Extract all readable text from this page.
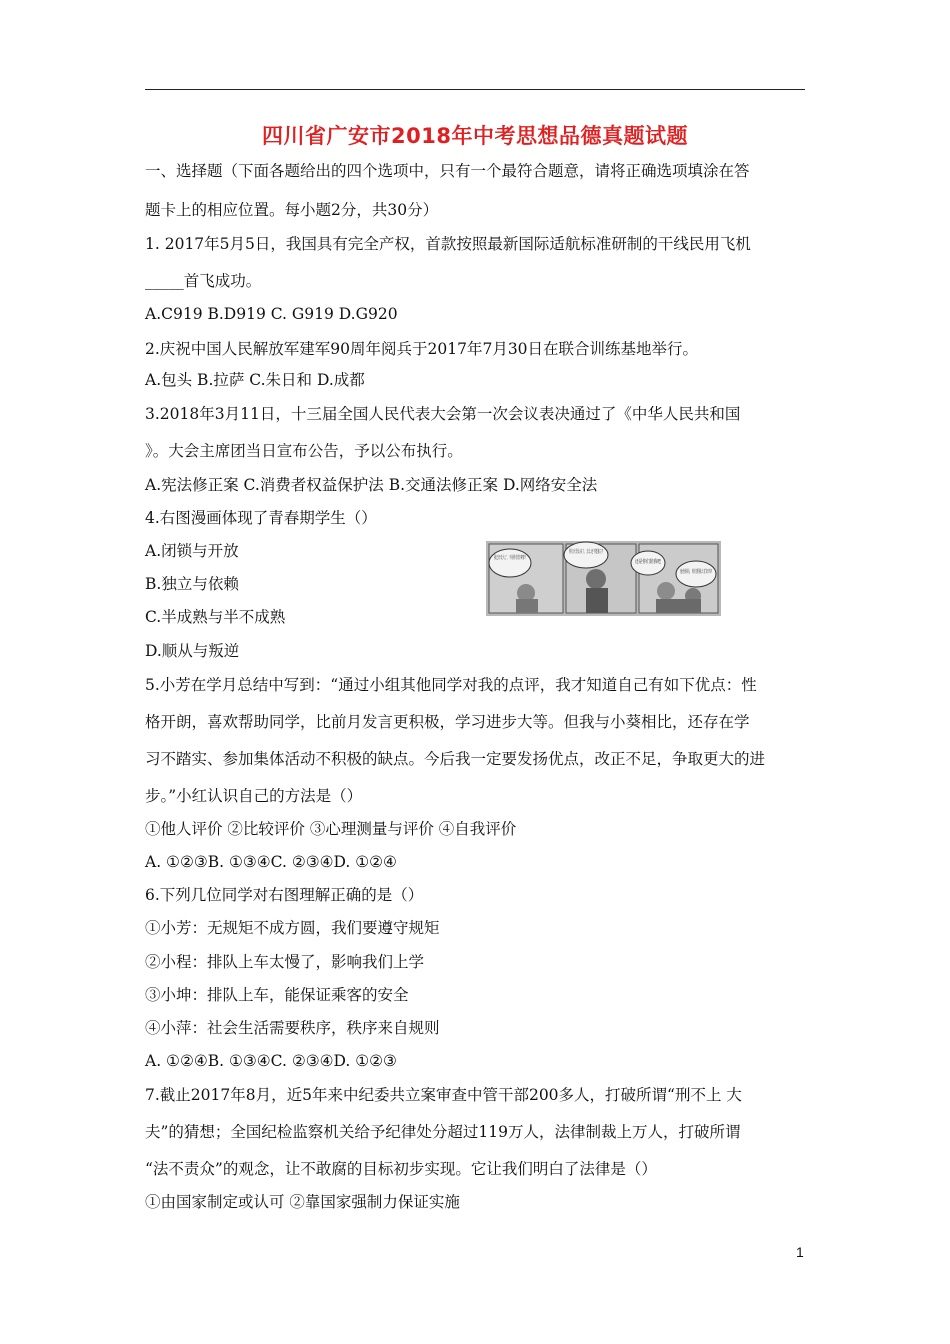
四川省广安市2018年中考思想品德真题试题
一、选择题（下面各题给出的四个选项中，只有一个最符合题意，请将正确选项填涂在答
题卡上的相应位置。每小题2分，共30分）
1. 2017年5月5日，我国具有完全产权，首款按照最新国际适航标准研制的干线民用飞机
_____首飞成功。
A.C919 B.D919 C. G919 D.G920
2.庆祝中国人民解放军建军90周年阅兵于2017年7月30日在联合训练基地举行。
A.包头 B.拉萨 C.朱日和 D.成都
3.2018年3月11日，十三届全国人民代表大会第一次会议表决通过了《中华人民共和国
》。大会主席团当日宣布公告，予以公布执行。
A.宪法修正案 C.消费者权益保护法 B.交通法修正案 D.网络安全法
4.右图漫画体现了青春期学生（）
A.闭锁与开放
B.独立与依赖
C.半成熟与半不成熟
D.顺从与叛逆
5.小芳在学月总结中写到：“通过小组其他同学对我的点评，我才知道自己有如下优点：性
格开朗，喜欢帮助同学，比前月发言更积极，学习进步大等。但我与小葵相比，还存在学
习不踏实、参加集体活动不积极的缺点。今后我一定要发扬优点，改正不足，争取更大的进
步。”小红认识自己的方法是（）
①他人评价 ②比较评价 ③心理测量与评价 ④自我评价
A. ①②③B. ①③④C. ②③④D. ①②④
6.下列几位同学对右图理解正确的是（）
①小芳：无规矩不成方圆，我们要遵守规矩
②小程：排队上车太慢了，影响我们上学
③小坤：排队上车，能保证乘客的安全
④小萍：社会生活需要秩序，秩序来自规则
A. ①②④B. ①③④C. ②③④D. ①②③
7.截止2017年8月，近5年来中纪委共立案审查中管干部200多人，打破所谓“刑不上 大
夫”的猜想；全国纪检监察机关给予纪律处分超过119万人，法律制裁上万人，打破所谓
“法不责众”的观念，让不敢腐的目标初步实现。它让我们明白了法律是（）
①由国家制定或认可 ②靠国家强制力保证实施
还是你们陪我吧
1
